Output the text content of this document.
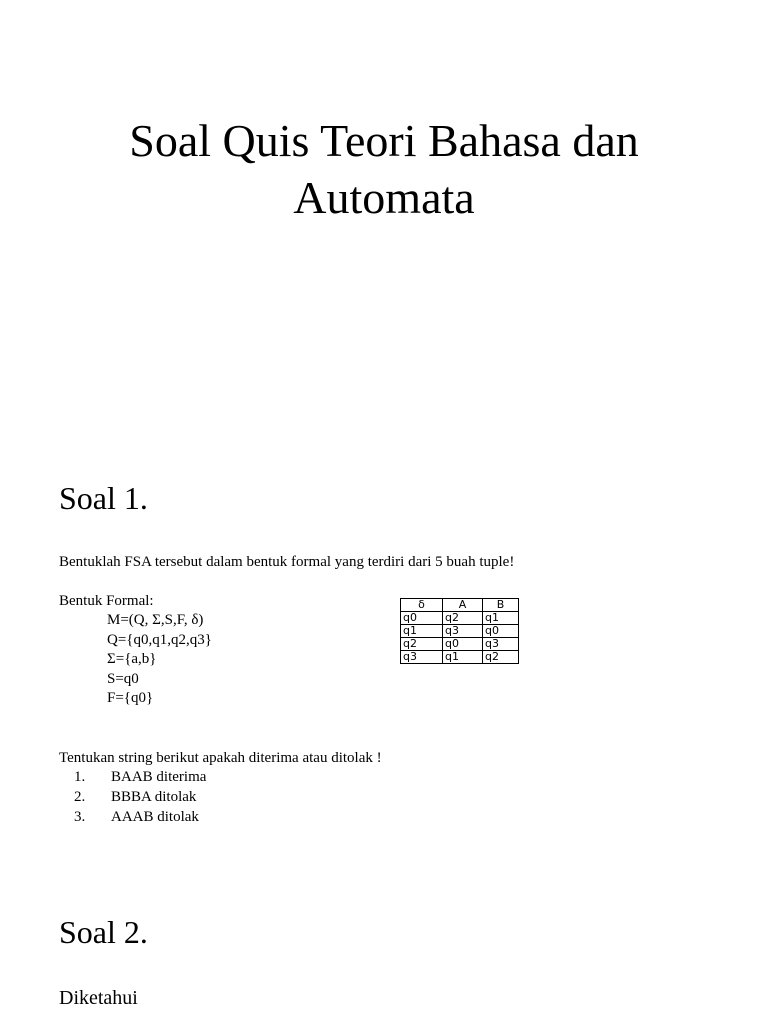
Soal Quis Teori Bahasa dan
Automata
Soal 1.

Bentuklah FSA tersebut dalam bentuk formal yang terdiri dari 5 buah tuple!

Bentuk Formal:
M=(Q, Σ,S,F, δ)
Q={q0,q1,q2,q3}
Σ={a,b}
S=q0
F={q0}
δ	A	B
q0	q2	q1
q1	q3	q0
q2	q0	q3
q3	q1	q2

Tentukan string berikut apakah diterima atau ditolak !

1. BAAB diterima
2. BBBA ditolak
3. AAAB ditolak
Soal 2.

Diketahui
